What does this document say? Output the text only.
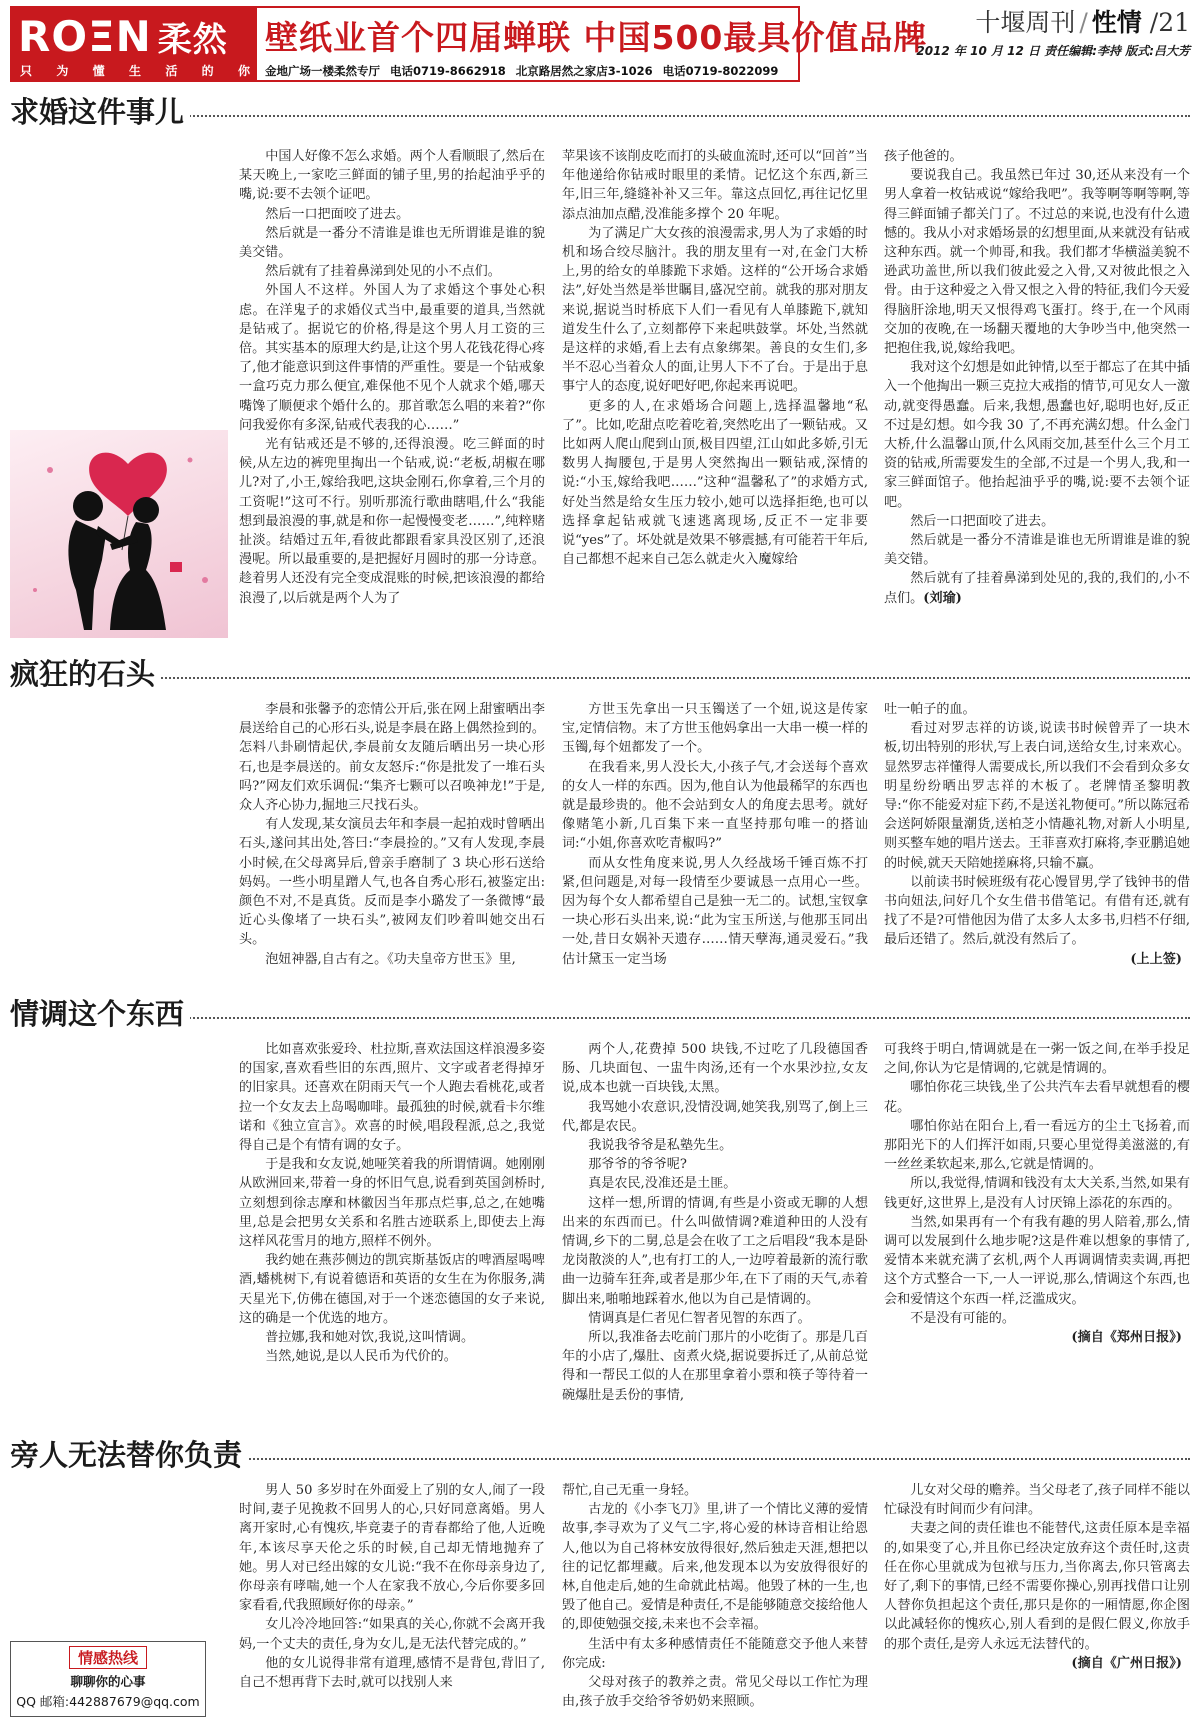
ROΞN 柔然
只 为 懂 生 活 的 你
壁纸业首个四届蝉联 中国500最具价值品牌
金地广场一楼柔然专厅 电话0719-8662918 北京路居然之家店3-1026 电话0719-8022099
十堰周刊 / 性情 /21
2012 年 10 月 12 日 责任编辑:李持 版式:吕大芳
求婚这件事儿

中国人好像不怎么求婚。两个人看顺眼了,然后在某天晚上,一家吃三鲜面的铺子里,男的抬起油乎乎的嘴,说:要不去领个证吧。

然后一口把面咬了进去。

然后就是一番分不清谁是谁也无所谓谁是谁的貌美交错。

然后就有了挂着鼻涕到处见的小不点们。

外国人不这样。外国人为了求婚这个事处心积虑。在洋鬼子的求婚仪式当中,最重要的道具,当然就是钻戒了。据说它的价格,得是这个男人月工资的三倍。其实基本的原理大约是,让这个男人花钱花得心疼了,他才能意识到这件事情的严重性。要是一个钻戒象一盒巧克力那么便宜,难保他不见个人就求个婚,哪天嘴馋了顺便求个婚什么的。那首歌怎么唱的来着?“你问我爱你有多深,钻戒代表我的心……”

光有钻戒还是不够的,还得浪漫。吃三鲜面的时候,从左边的裤兜里掏出一个钻戒,说:“老板,胡椒在哪儿?对了,小王,嫁给我吧,这块金刚石,你拿着,三个月的工资呢!”这可不行。别听那流行歌曲瞎唱,什么“我能想到最浪漫的事,就是和你一起慢慢变老……”,纯粹赌扯淡。结婚过五年,看彼此都跟看家具没区别了,还浪漫呢。所以最重要的,是把握好月圆时的那一分诗意。趁着男人还没有完全变成混账的时候,把该浪漫的都给浪漫了,以后就是两个人为了

苹果该不该削皮吃而打的头破血流时,还可以“回首”当年他递给你钻戒时眼里的柔情。记忆这个东西,新三年,旧三年,缝缝补补又三年。靠这点回忆,再往记忆里添点油加点醋,没准能多撑个 20 年呢。

为了满足广大女孩的浪漫需求,男人为了求婚的时机和场合绞尽脑汁。我的朋友里有一对,在金门大桥上,男的给女的单膝跪下求婚。这样的“公开场合求婚法”,好处当然是举世瞩目,盛况空前。就我的那对朋友来说,据说当时桥底下人们一看见有人单膝跪下,就知道发生什么了,立刻都停下来起哄鼓掌。坏处,当然就是这样的求婚,看上去有点象绑架。善良的女生们,多半不忍心当着众人的面,让男人下不了台。于是出于息事宁人的态度,说好吧好吧,你起来再说吧。

更多的人,在求婚场合问题上,选择温馨地“私了”。比如,吃甜点吃着吃着,突然吃出了一颗钻戒。又比如两人爬山爬到山顶,极目四望,江山如此多娇,引无数男人掏腰包,于是男人突然掏出一颗钻戒,深情的说:“小玉,嫁给我吧……”这种“温馨私了”的求婚方式,好处当然是给女生压力较小,她可以选择拒绝,也可以选择拿起钻戒就飞速逃离现场,反正不一定非要说“yes”了。坏处就是效果不够震撼,有可能若干年后,自己都想不起来自己怎么就走火入魔嫁给

孩子他爸的。

要说我自己。我虽然已年过 30,还从来没有一个男人拿着一枚钻戒说“嫁给我吧”。我等啊等啊等啊,等得三鲜面铺子都关门了。不过总的来说,也没有什么遗憾的。我从小对求婚场景的幻想里面,从来就没有钻戒这种东西。就一个帅哥,和我。我们都才华横溢美貌不逊武功盖世,所以我们彼此爱之入骨,又对彼此恨之入骨。由于这种爱之入骨又恨之入骨的特征,我们今天爱得脑肝涂地,明天又恨得鸡飞蛋打。终于,在一个风雨交加的夜晚,在一场翻天覆地的大争吵当中,他突然一把抱住我,说,嫁给我吧。

我对这个幻想是如此钟情,以至于都忘了在其中插入一个他掏出一颗三克拉大戒指的情节,可见女人一激动,就变得愚蠢。后来,我想,愚蠢也好,聪明也好,反正不过是幻想。如今我 30 了,不再充满幻想。什么金门大桥,什么温馨山顶,什么风雨交加,甚至什么三个月工资的钻戒,所需要发生的全部,不过是一个男人,我,和一家三鲜面馆子。他抬起油乎乎的嘴,说:要不去领个证吧。

然后一口把面咬了进去。

然后就是一番分不清谁是谁也无所谓谁是谁的貌美交错。

然后就有了挂着鼻涕到处见的,我的,我们的,小不点们。(刘瑜)

疯狂的石头

李晨和张馨予的恋情公开后,张在网上甜蜜晒出李晨送给自己的心形石头,说是李晨在路上偶然捡到的。怎料八卦刷情起伏,李晨前女友随后晒出另一块心形石,也是李晨送的。前女友怒斥:“你是批发了一堆石头吗?”网友们欢乐调侃:“集齐七颗可以召唤神龙!”于是,众人齐心协力,掘地三尺找石头。

有人发现,某女演员去年和李晨一起拍戏时曾晒出石头,遂问其出处,答曰:“李晨捡的。”又有人发现,李晨小时候,在父母离异后,曾亲手磨制了 3 块心形石送给妈妈。一些小明星蹭人气,也各自秀心形石,被鉴定出:颜色不对,不是真货。反而是李小璐发了一条微博“最近心头像堵了一块石头”,被网友们吵着叫她交出石头。

泡妞神器,自古有之。《功夫皇帝方世玉》里,

方世玉先拿出一只玉镯送了一个妞,说这是传家宝,定情信物。末了方世玉他妈拿出一大串一模一样的玉镯,每个妞都发了一个。

在我看来,男人没长大,小孩子气,才会送每个喜欢的女人一样的东西。因为,他自认为他最稀罕的东西也就是最珍贵的。他不会站到女人的角度去思考。就好像赌笔小新,几百集下来一直坚持那句唯一的搭讪词:“小姐,你喜欢吃青椒吗?”

而从女性角度来说,男人久经战场千锤百炼不打紧,但问题是,对每一段情至少要诚恳一点用心一些。因为每个女人都希望自己是独一无二的。试想,宝钗拿一块心形石头出来,说:“此为宝玉所送,与他那玉同出一处,昔日女娲补天遗存……情天孽海,通灵爱石。”我估计黛玉一定当场

吐一帕子的血。

看过对罗志祥的访谈,说读书时候曾弄了一块木板,切出特别的形状,写上表白词,送给女生,讨来欢心。显然罗志祥懂得人需要成长,所以我们不会看到众多女明星纷纷晒出罗志祥的木板了。老牌情圣黎明教导:“你不能爱对症下药,不是送礼物便可。”所以陈冠希会送阿娇限量潮货,送柏芝小情趣礼物,对新人小明星,则买整车她的唱片送去。王菲喜欢打麻将,李亚鹏追她的时候,就天天陪她搓麻将,只输不赢。

以前读书时候班级有花心馒冒男,学了钱钟书的借书向妞法,问好几个女生借书借笔记。有借有还,就有找了不是?可惜他因为借了太多人太多书,归档不仔细,最后还错了。然后,就没有然后了。

(上上签)
情调这个东西

比如喜欢张爱玲、杜拉斯,喜欢法国这样浪漫多姿的国家,喜欢看些旧的东西,照片、文字或者老得掉牙的旧家具。还喜欢在阴雨天气一个人跑去看桃花,或者拉一个女友去上岛喝咖啡。最孤独的时候,就看卡尔维诺和《独立宣言》。欢喜的时候,唱段程派,总之,我觉得自己是个有情有调的女子。

于是我和女友说,她哑笑着我的所谓情调。她刚刚从欧洲回来,带着一身的怀旧气息,说看到英国剑桥时,立刻想到徐志摩和林徽因当年那点烂事,总之,在她嘴里,总是会把男女关系和名胜古迹联系上,即使去上海这样风花雪月的地方,照样不例外。

我约她在燕莎侧边的凯宾斯基饭店的啤酒屋喝啤酒,蟠桃树下,有说着德语和英语的女生在为你服务,满天星光下,仿佛在德国,对于一个迷恋德国的女子来说,这的确是一个优选的地方。

普拉娜,我和她对饮,我说,这叫情调。

当然,她说,是以人民币为代价的。

两个人,花费掉 500 块钱,不过吃了几段德国香肠、几块面包、一盅牛肉汤,还有一个水果沙拉,女友说,成本也就一百块钱,太黑。

我骂她小农意识,没情没调,她笑我,别骂了,倒上三代,都是农民。

我说我爷爷是私塾先生。

那爷爷的爷爷呢?

真是农民,没准还是土匪。

这样一想,所谓的情调,有些是小资或无聊的人想出来的东西而已。什么叫做情调?难道种田的人没有情调,乡下的二舅,总是会在收了工之后唱段“我本是卧龙岗散淡的人”,也有打工的人,一边哼着最新的流行歌曲一边骑车狂奔,或者是那少年,在下了雨的天气,赤着脚出来,啪啪地踩着水,他以为自己是情调的。

情调真是仁者见仁智者见智的东西了。

所以,我准备去吃前门那片的小吃街了。那是几百年的小店了,爆肚、卤煮火烧,据说要拆迁了,从前总觉得和一帮民工似的人在那里拿着小票和筷子等待着一碗爆肚是丢份的事情,

可我终于明白,情调就是在一粥一饭之间,在举手投足之间,你认为它是情调的,它就是情调的。

哪怕你花三块钱,坐了公共汽车去看早就想看的樱花。

哪怕你站在阳台上,看一看远方的尘土飞扬着,而那阳光下的人们挥汗如雨,只要心里觉得美滋滋的,有一丝丝柔软起来,那么,它就是情调的。

所以,我觉得,情调和钱没有太大关系,当然,如果有钱更好,这世界上,是没有人讨厌锦上添花的东西的。

当然,如果再有一个有我有趣的男人陪着,那么,情调可以发展到什么地步呢?这是件难以想象的事情了,爱情本来就充满了玄机,两个人再调调情卖卖调,再把这个方式整合一下,一人一评说,那么,情调这个东西,也会和爱情这个东西一样,泛滥成灾。

不是没有可能的。

(摘自《郑州日报》)
旁人无法替你负责

男人 50 多岁时在外面爱上了别的女人,闹了一段时间,妻子见挽救不回男人的心,只好同意离婚。男人离开家时,心有愧疚,毕竟妻子的青春都给了他,人近晚年,本该尽享天伦之乐的时候,自己却无情地抛弃了她。男人对已经出嫁的女儿说:“我不在你母亲身边了,你母亲有哮喘,她一个人在家我不放心,今后你要多回家看看,代我照顾好你的母亲。”

女儿冷冷地回答:“如果真的关心,你就不会离开我妈,一个丈夫的责任,身为女儿,是无法代替完成的。”

他的女儿说得非常有道理,感情不是背包,背旧了,自己不想再背下去时,就可以找别人来

帮忙,自己无重一身轻。

古龙的《小李飞刀》里,讲了一个情比义薄的爱情故事,李寻欢为了义气二字,将心爱的林诗音相让给恩人,他以为自己将林安放得很好,然后独走天涯,想把以往的记忆都埋藏。后来,他发现本以为安放得很好的林,自他走后,她的生命就此枯竭。他毁了林的一生,也毁了他自己。爱情是种责任,不是能够随意交接给他人的,即使勉强交接,未来也不会幸福。

生活中有太多种感情责任不能随意交予他人来替你完成:

父母对孩子的教养之责。常见父母以工作忙为理由,孩子放手交给爷爷奶奶来照顾。

儿女对父母的赡养。当父母老了,孩子同样不能以忙碌没有时间而少有问津。

夫妻之间的责任谁也不能替代,这责任原本是幸福的,如果变了心,并且你已经决定放弃这个责任时,这责任在你心里就成为包袱与压力,当你离去,你只管离去好了,剩下的事情,已经不需要你操心,别再找借口让别人替你负担起这个责任,那只是你的一厢情愿,你企图以此减轻你的愧疚心,别人看到的是假仁假义,你放手的那个责任,是旁人永远无法替代的。

(摘自《广州日报》)
情感热线
聊聊你的心事
QQ 邮箱:442887679@qq.com
